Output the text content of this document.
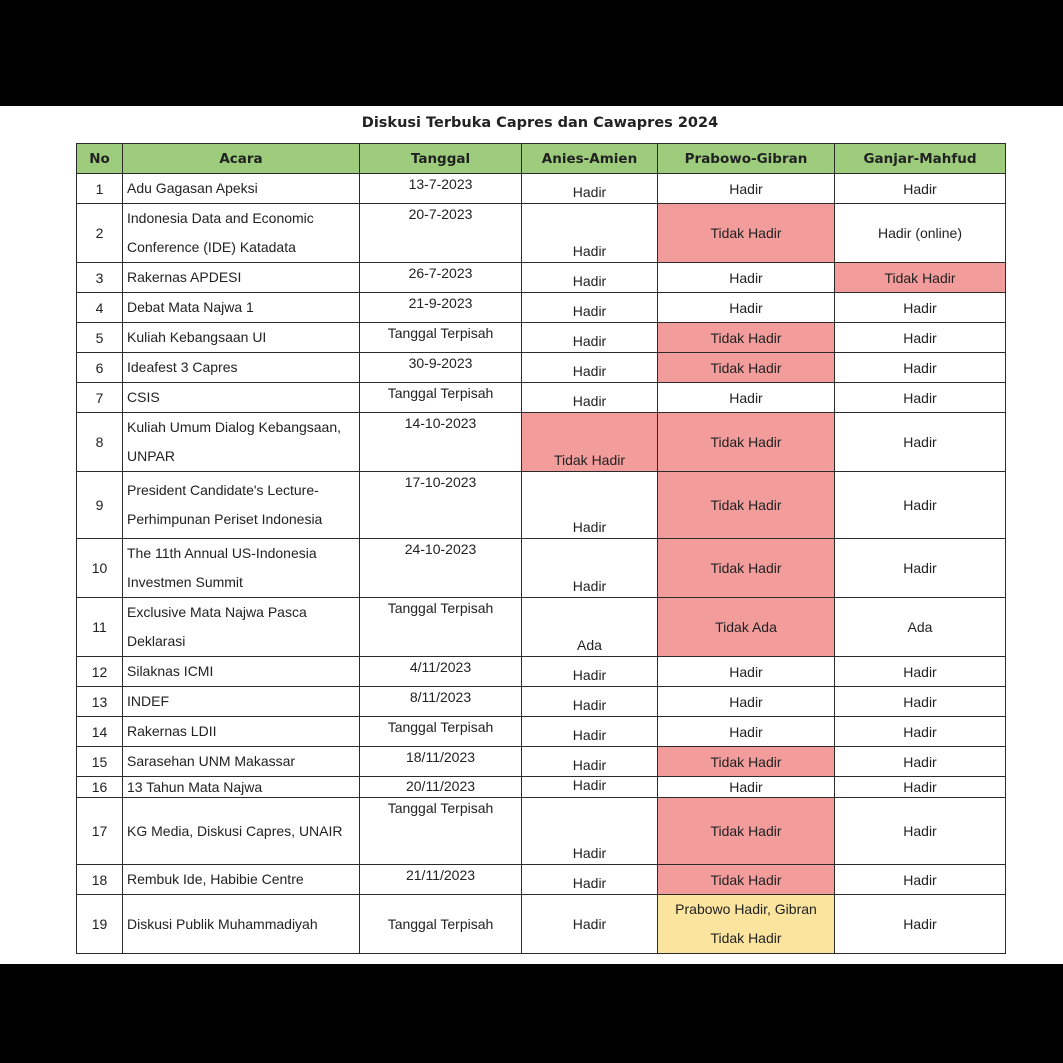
Diskusi Terbuka Capres dan Cawapres 2024
No	Acara	Tanggal	Anies-Amien	Prabowo-Gibran	Ganjar-Mahfud
1	Adu Gagasan Apeksi	13-7-2023	Hadir	Hadir	Hadir
2	Indonesia Data and Economic Conference (IDE) Katadata	20-7-2023	Hadir	Tidak Hadir	Hadir (online)
3	Rakernas APDESI	26-7-2023	Hadir	Hadir	Tidak Hadir
4	Debat Mata Najwa 1	21-9-2023	Hadir	Hadir	Hadir
5	Kuliah Kebangsaan UI	Tanggal Terpisah	Hadir	Tidak Hadir	Hadir
6	Ideafest 3 Capres	30-9-2023	Hadir	Tidak Hadir	Hadir
7	CSIS	Tanggal Terpisah	Hadir	Hadir	Hadir
8	Kuliah Umum Dialog Kebangsaan, UNPAR	14-10-2023	Tidak Hadir	Tidak Hadir	Hadir
9	President Candidate's Lecture-Perhimpunan Periset Indonesia	17-10-2023	Hadir	Tidak Hadir	Hadir
10	The 11th Annual US-Indonesia Investmen Summit	24-10-2023	Hadir	Tidak Hadir	Hadir
11	Exclusive Mata Najwa Pasca Deklarasi	Tanggal Terpisah	Ada	Tidak Ada	Ada
12	Silaknas ICMI	4/11/2023	Hadir	Hadir	Hadir
13	INDEF	8/11/2023	Hadir	Hadir	Hadir
14	Rakernas LDII	Tanggal Terpisah	Hadir	Hadir	Hadir
15	Sarasehan UNM Makassar	18/11/2023	Hadir	Tidak Hadir	Hadir
16	13 Tahun Mata Najwa	20/11/2023	Hadir	Hadir	Hadir
17	KG Media, Diskusi Capres, UNAIR	Tanggal Terpisah	Hadir	Tidak Hadir	Hadir
18	Rembuk Ide, Habibie Centre	21/11/2023	Hadir	Tidak Hadir	Hadir
19	Diskusi Publik Muhammadiyah	Tanggal Terpisah	Hadir	Prabowo Hadir, Gibran Tidak Hadir	Hadir
